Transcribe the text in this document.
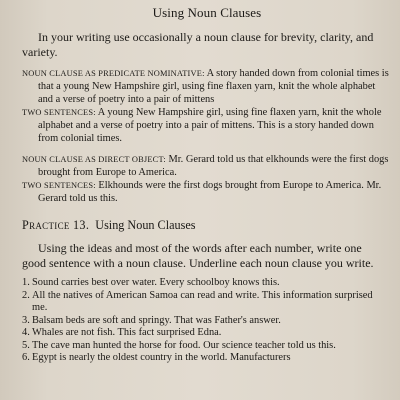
Using Noun Clauses

In your writing use occasionally a noun clause for brevity, clarity, and variety.

NOUN CLAUSE AS PREDICATE NOMINATIVE: A story handed down from colonial times is that a young New Hampshire girl, using fine flaxen yarn, knit the whole alphabet and a verse of poetry into a pair of mittens

TWO SENTENCES: A young New Hampshire girl, using fine flaxen yarn, knit the whole alphabet and a verse of poetry into a pair of mittens. This is a story handed down from colonial times.

NOUN CLAUSE AS DIRECT OBJECT: Mr. Gerard told us that elkhounds were the first dogs brought from Europe to America.

TWO SENTENCES: Elkhounds were the first dogs brought from Europe to America. Mr. Gerard told us this.

Practice 13. Using Noun Clauses

Using the ideas and most of the words after each number, write one good sentence with a noun clause. Underline each noun clause you write.

1. Sound carries best over water. Every schoolboy knows this.
2. All the natives of American Samoa can read and write. This information surprised me.
3. Balsam beds are soft and springy. That was Father's answer.
4. Whales are not fish. This fact surprised Edna.
5. The cave man hunted the horse for food. Our science teacher told us this.
6. Egypt is nearly the oldest country in the world. Manufacturers
